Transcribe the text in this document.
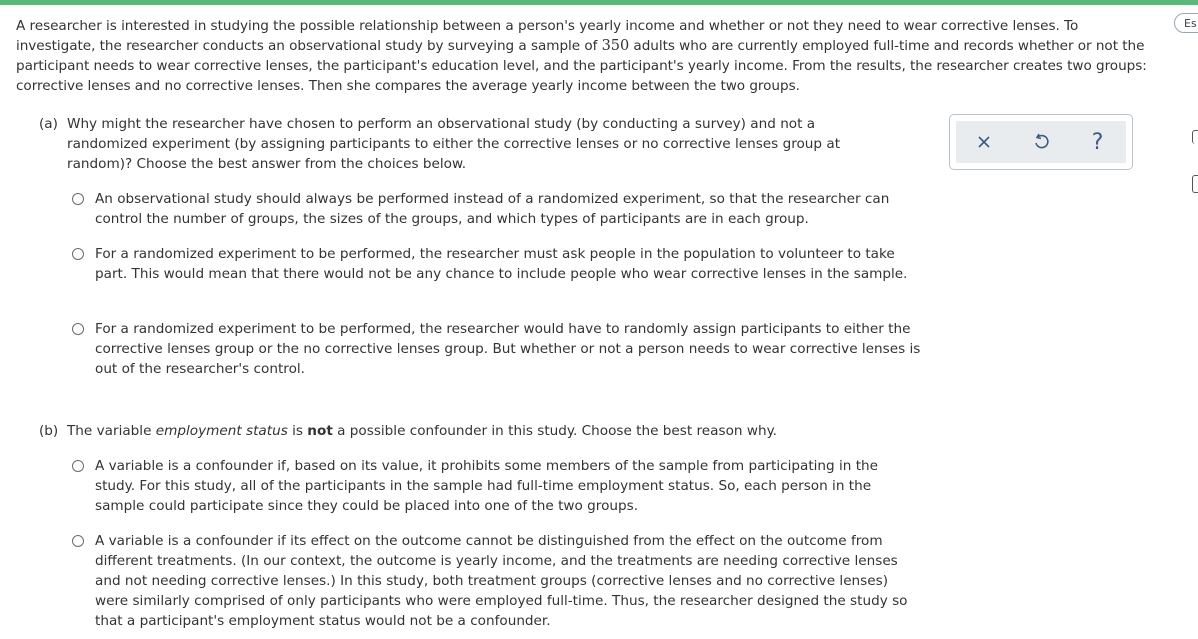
A researcher is interested in studying the possible relationship between a person's yearly income and whether or not they need to wear corrective lenses. To investigate, the researcher conducts an observational study by surveying a sample of 350 adults who are currently employed full-time and records whether or not the participant needs to wear corrective lenses, the participant's education level, and the participant's yearly income. From the results, the researcher creates two groups: corrective lenses and no corrective lenses. Then she compares the average yearly income between the two groups.
Es
(a) Why might the researcher have chosen to perform an observational study (by conducting a survey) and not a randomized experiment (by assigning participants to either the corrective lenses or no corrective lenses group at random)? Choose the best answer from the choices below.
?
An observational study should always be performed instead of a randomized experiment, so that the researcher can control the number of groups, the sizes of the groups, and which types of participants are in each group.
For a randomized experiment to be performed, the researcher must ask people in the population to volunteer to take part. This would mean that there would not be any chance to include people who wear corrective lenses in the sample.
For a randomized experiment to be performed, the researcher would have to randomly assign participants to either the corrective lenses group or the no corrective lenses group. But whether or not a person needs to wear corrective lenses is out of the researcher's control.
(b) The variable employment status is not a possible confounder in this study. Choose the best reason why.
A variable is a confounder if, based on its value, it prohibits some members of the sample from participating in the study. For this study, all of the participants in the sample had full-time employment status. So, each person in the sample could participate since they could be placed into one of the two groups.
A variable is a confounder if its effect on the outcome cannot be distinguished from the effect on the outcome from different treatments. (In our context, the outcome is yearly income, and the treatments are needing corrective lenses and not needing corrective lenses.) In this study, both treatment groups (corrective lenses and no corrective lenses) were similarly comprised of only participants who were employed full-time. Thus, the researcher designed the study so that a participant's employment status would not be a confounder.
